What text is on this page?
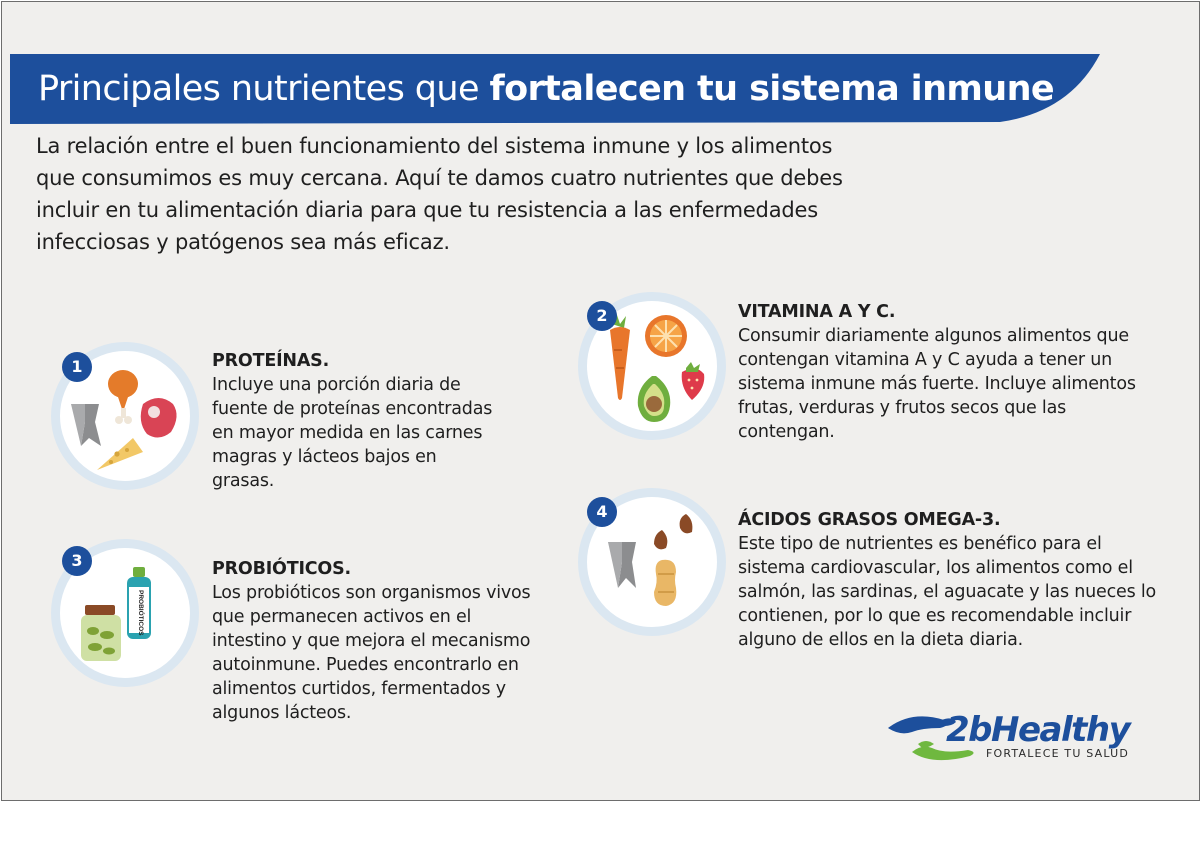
Principales nutrientes que fortalecen tu sistema inmune

La relación entre el buen funcionamiento del sistema inmune y los alimentos que consumimos es muy cercana. Aquí te damos cuatro nutrientes que debes incluir en tu alimentación diaria para que tu resistencia a las enfermedades infecciosas y patógenos sea más eficaz.

1	PROTEÍNAS.
Incluye una porción diaria de fuente de proteínas encontradas en mayor medida en las carnes magras y lácteos bajos en grasas.
2	VITAMINA A Y C.
Consumir diariamente algunos alimentos que contengan vitamina A y C ayuda a tener un sistema inmune más fuerte. Incluye alimentos frutas, verduras y frutos secos que las contengan.
PROBIÓTICOS
3	PROBIÓTICOS.
Los probióticos son organismos vivos que permanecen activos en el intestino y que mejora el mecanismo autoinmune. Puedes encontrarlo en alimentos curtidos, fermentados y algunos lácteos.
4	ÁCIDOS GRASOS OMEGA-3.
Este tipo de nutrientes es benéfico para el sistema cardiovascular, los alimentos como el salmón, las sardinas, el aguacate y las nueces lo contienen, por lo que es recomendable incluir alguno de ellos en la dieta diaria.
2bHealthy
FORTALECE TU SALUD
